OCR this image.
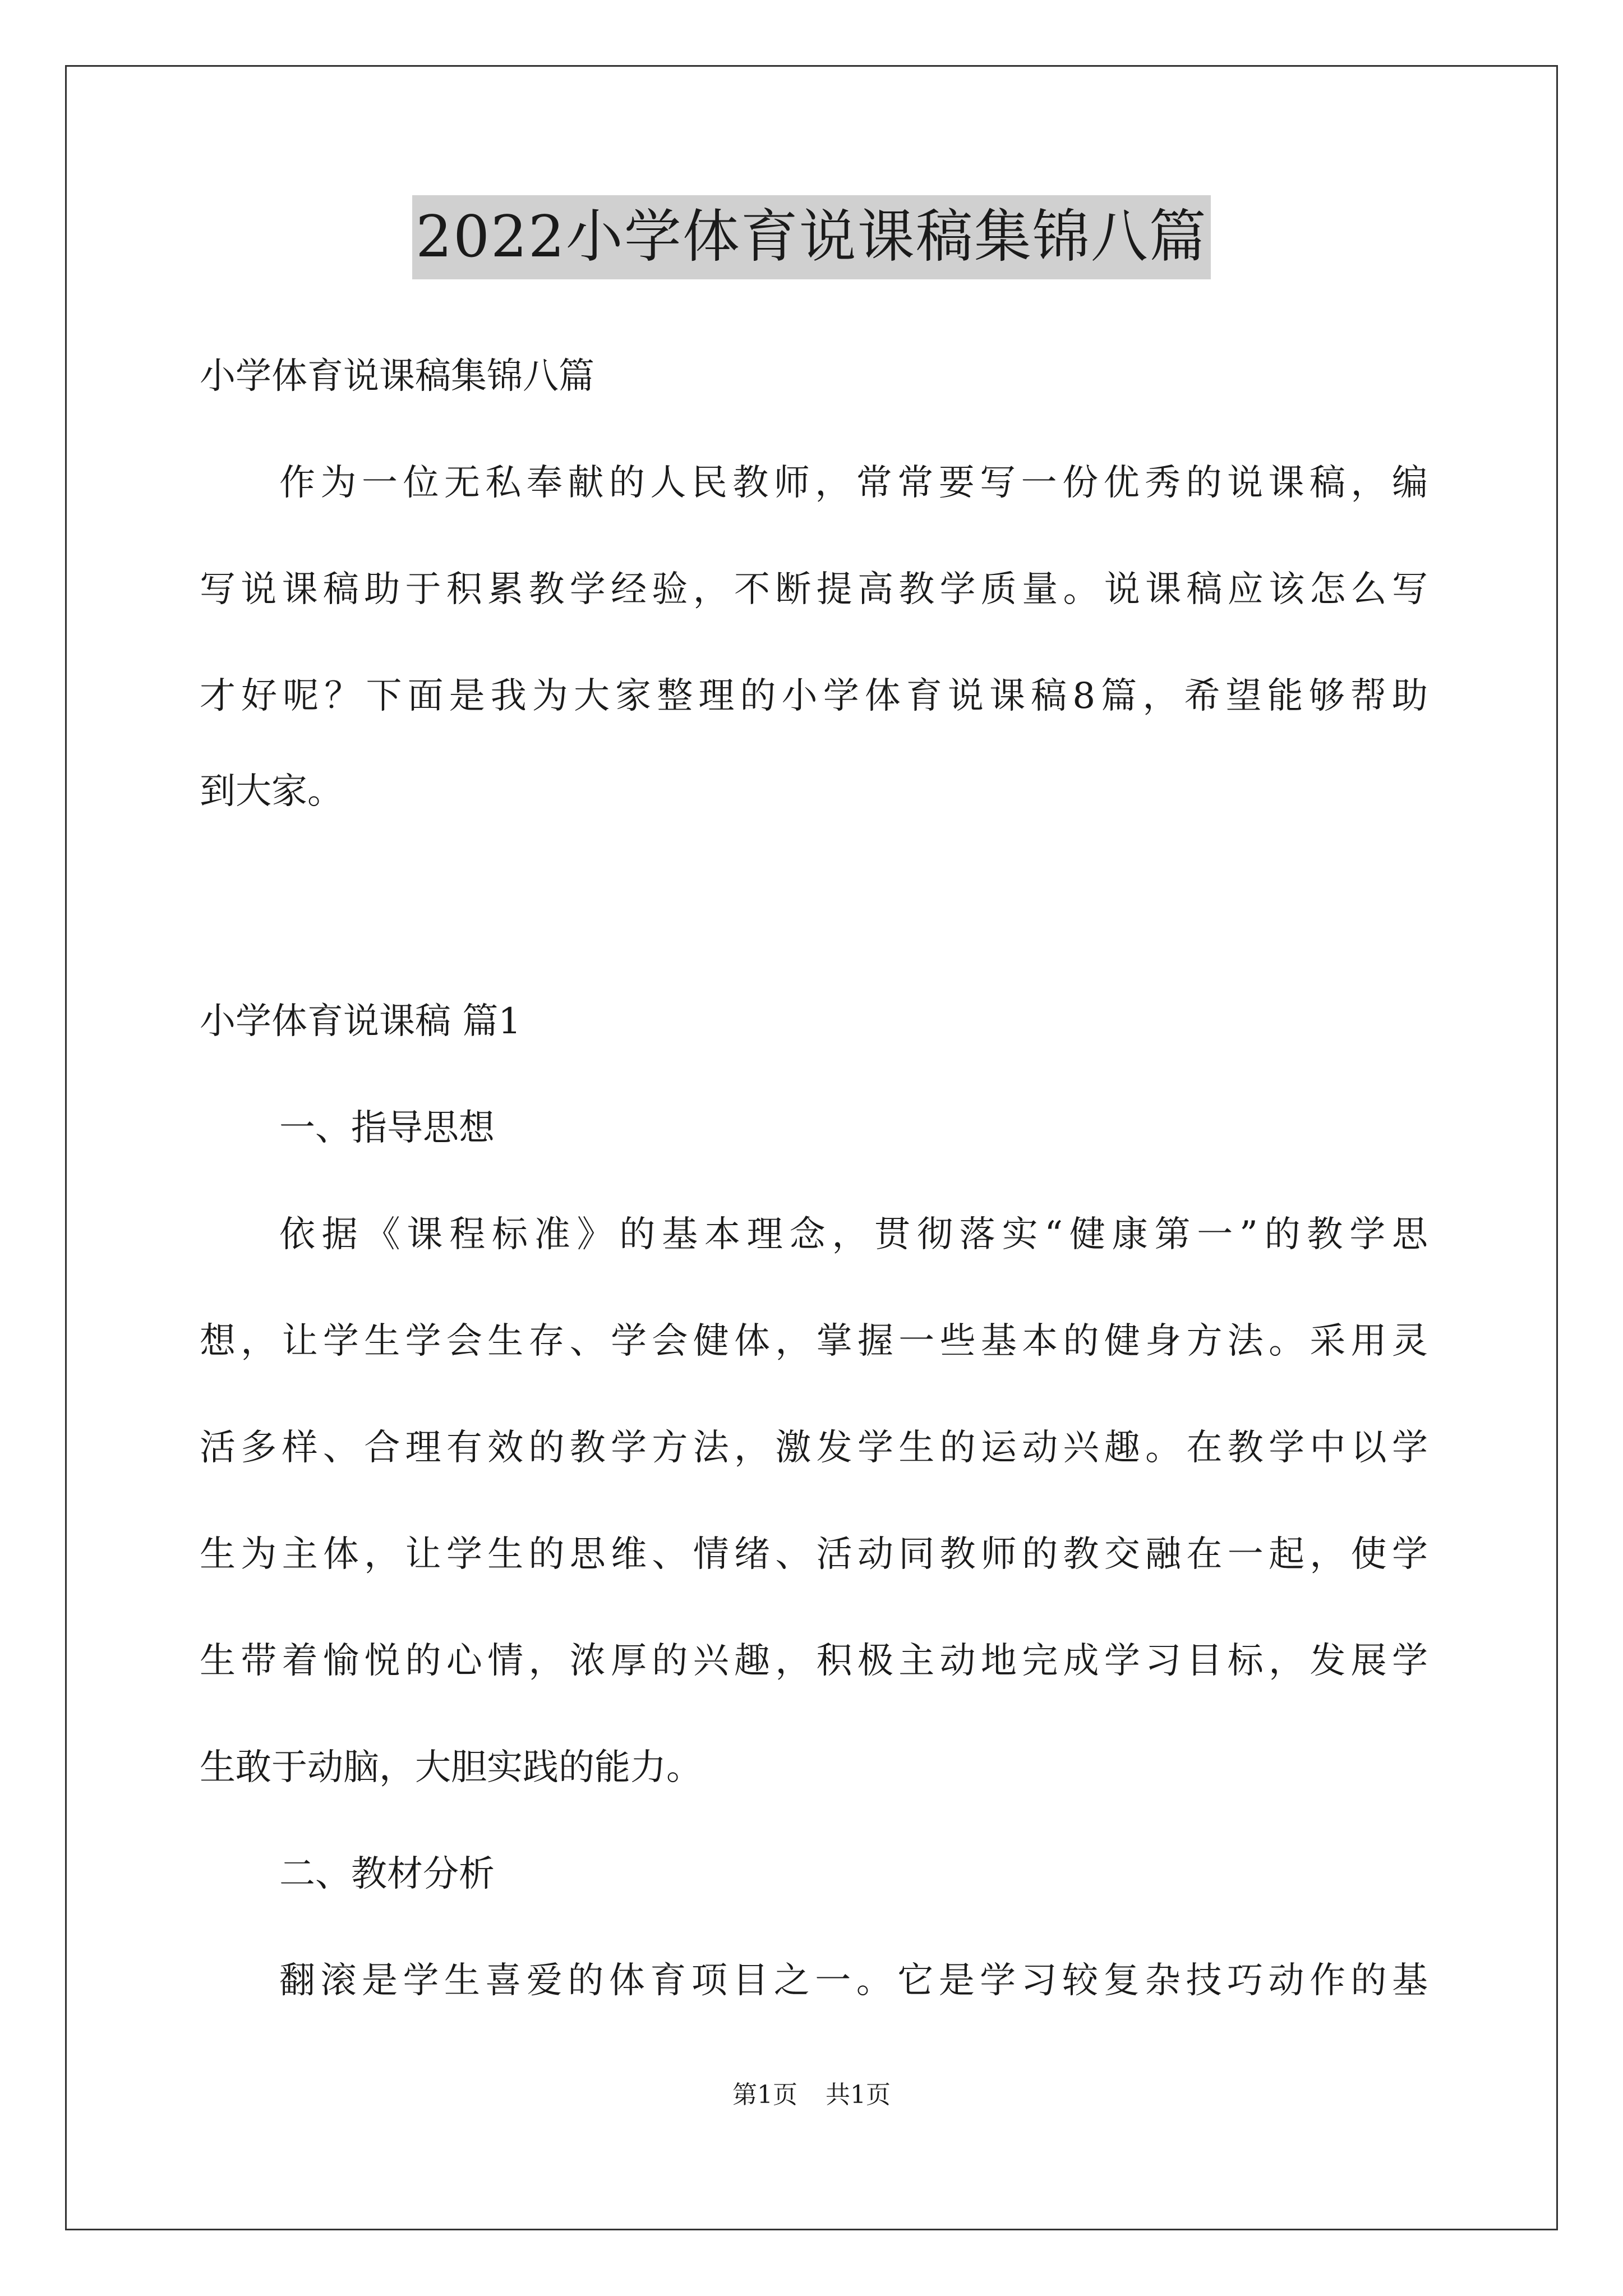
2022小学体育说课稿集锦八篇
小学体育说课稿集锦八篇
作为一位无私奉献的人民教师，常常要写一份优秀的说课稿，编
写说课稿助于积累教学经验，不断提高教学质量。说课稿应该怎么写
才好呢？下面是我为大家整理的小学体育说课稿8篇，希望能够帮助
到大家。
小学体育说课稿 篇1
一、指导思想
依据《课程标准》的基本理念，贯彻落实“健康第一”的教学思
想，让学生学会生存、学会健体，掌握一些基本的健身方法。采用灵
活多样、合理有效的教学方法，激发学生的运动兴趣。在教学中以学
生为主体，让学生的思维、情绪、活动同教师的教交融在一起，使学
生带着愉悦的心情，浓厚的兴趣，积极主动地完成学习目标，发展学
生敢于动脑，大胆实践的能力。
二、教材分析
翻滚是学生喜爱的体育项目之一。它是学习较复杂技巧动作的基
第1页 共1页
